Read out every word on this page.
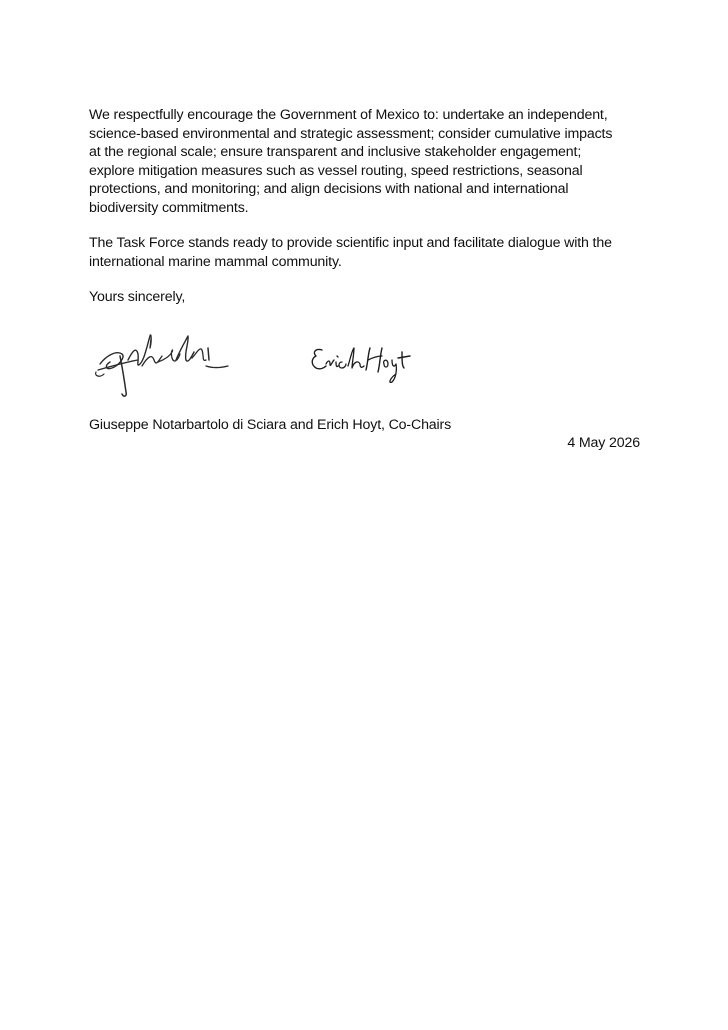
We respectfully encourage the Government of Mexico to: undertake an independent,
science-based environmental and strategic assessment; consider cumulative impacts
at the regional scale; ensure transparent and inclusive stakeholder engagement;
explore mitigation measures such as vessel routing, speed restrictions, seasonal
protections, and monitoring; and align decisions with national and international
biodiversity commitments.

The Task Force stands ready to provide scientific input and facilitate dialogue with the
international marine mammal community.

Yours sincerely,

Giuseppe Notarbartolo di Sciara and Erich Hoyt, Co-Chairs
4 May 2026
